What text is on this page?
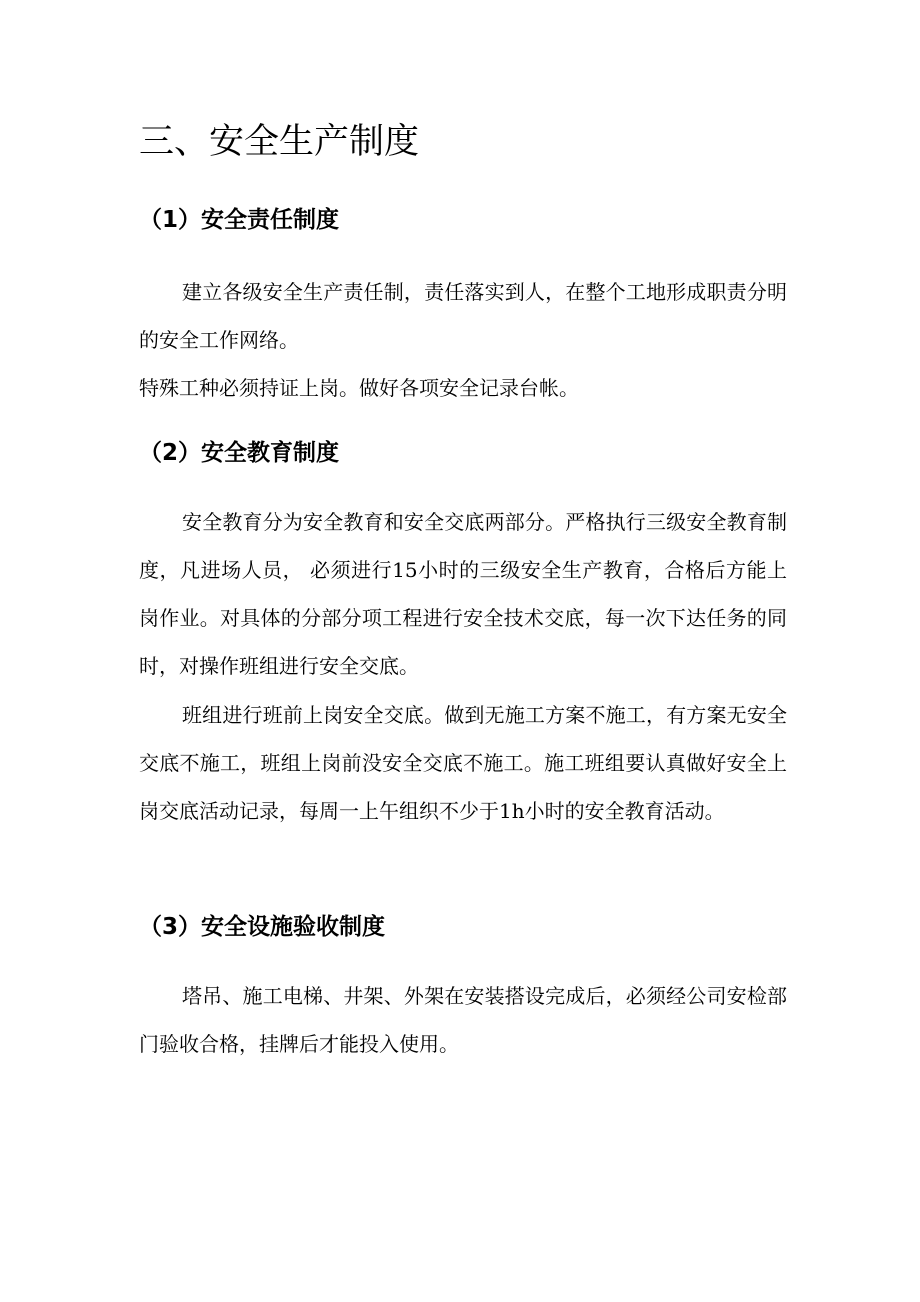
三、安全生产制度
（1）安全责任制度

建立各级安全生产责任制，责任落实到人，在整个工地形成职责分明的安全工作网络。

特殊工种必须持证上岗。做好各项安全记录台帐。

（2）安全教育制度

安全教育分为安全教育和安全交底两部分。严格执行三级安全教育制度，凡进场人员， 必须进行15小时的三级安全生产教育，合格后方能上岗作业。对具体的分部分项工程进行安全技术交底，每一次下达任务的同时，对操作班组进行安全交底。

班组进行班前上岗安全交底。做到无施工方案不施工，有方案无安全交底不施工，班组上岗前没安全交底不施工。施工班组要认真做好安全上岗交底活动记录，每周一上午组织不少于1h小时的安全教育活动。

（3）安全设施验收制度

塔吊、施工电梯、井架、外架在安装搭设完成后，必须经公司安检部门验收合格，挂牌后才能投入使用。
